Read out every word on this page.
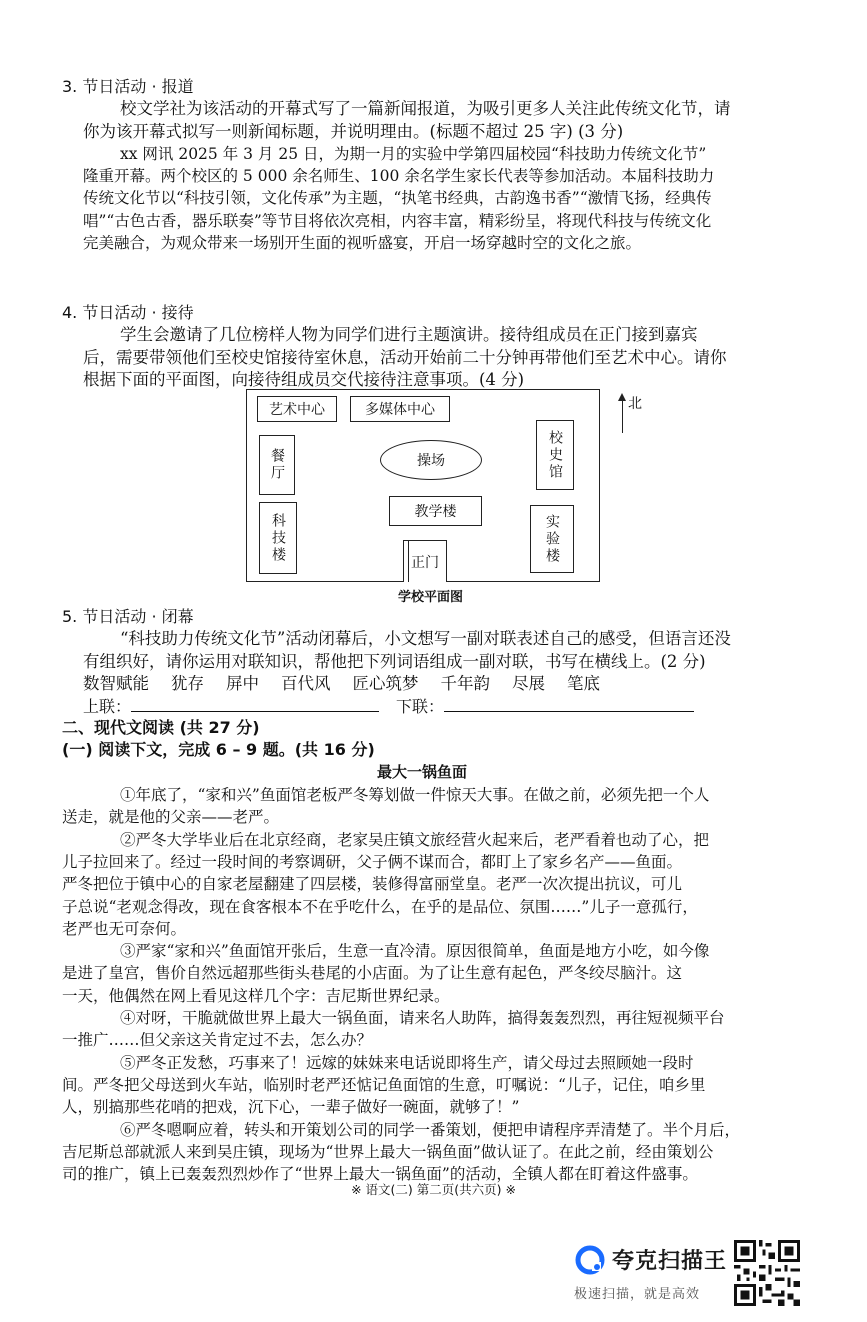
3. 节日活动 · 报道
校文学社为该活动的开幕式写了一篇新闻报道，为吸引更多人关注此传统文化节，请
你为该开幕式拟写一则新闻标题，并说明理由。(标题不超过 25 字) (3 分)
xx 网讯 2025 年 3 月 25 日，为期一月的实验中学第四届校园“科技助力传统文化节”
隆重开幕。两个校区的 5 000 余名师生、100 余名学生家长代表等参加活动。本届科技助力
传统文化节以“科技引领，文化传承”为主题，“执笔书经典，古韵逸书香”“激情飞扬，经典传
唱”“古色古香，器乐联奏”等节目将依次亮相，内容丰富，精彩纷呈，将现代科技与传统文化
完美融合，为观众带来一场别开生面的视听盛宴，开启一场穿越时空的文化之旅。
4. 节日活动 · 接待
学生会邀请了几位榜样人物为同学们进行主题演讲。接待组成员在正门接到嘉宾
后，需要带领他们至校史馆接待室休息，活动开始前二十分钟再带他们至艺术中心。请你
根据下面的平面图，向接待组成员交代接待注意事项。(4 分)
艺术中心	多媒体中心
餐厅	操场	校史馆
教学楼
科技楼	实验楼
正门
北
学校平面图
5. 节日活动 · 闭幕
“科技助力传统文化节”活动闭幕后，小文想写一副对联表述自己的感受，但语言还没
有组织好，请你运用对联知识，帮他把下列词语组成一副对联，书写在横线上。(2 分)
数智赋能 犹存 屏中 百代风 匠心筑梦 千年韵 尽展 笔底
上联：	下联：
二、现代文阅读 (共 27 分)
(一) 阅读下文，完成 6 – 9 题。(共 16 分)
最大一锅鱼面
①年底了，“家和兴”鱼面馆老板严冬筹划做一件惊天大事。在做之前，必须先把一个人
送走，就是他的父亲——老严。
②严冬大学毕业后在北京经商，老家吴庄镇文旅经营火起来后，老严看着也动了心，把
儿子拉回来了。经过一段时间的考察调研，父子俩不谋而合，都盯上了家乡名产——鱼面。
严冬把位于镇中心的自家老屋翻建了四层楼，装修得富丽堂皇。老严一次次提出抗议，可儿
子总说“老观念得改，现在食客根本不在乎吃什么，在乎的是品位、氛围……”儿子一意孤行，
老严也无可奈何。
③严家“家和兴”鱼面馆开张后，生意一直冷清。原因很简单，鱼面是地方小吃，如今像
是进了皇宫，售价自然远超那些街头巷尾的小店面。为了让生意有起色，严冬绞尽脑汁。这
一天，他偶然在网上看见这样几个字：吉尼斯世界纪录。
④对呀，干脆就做世界上最大一锅鱼面，请来名人助阵，搞得轰轰烈烈，再往短视频平台
一推广……但父亲这关肯定过不去，怎么办？
⑤严冬正发愁，巧事来了！远嫁的妹妹来电话说即将生产，请父母过去照顾她一段时
间。严冬把父母送到火车站，临别时老严还惦记鱼面馆的生意，叮嘱说：“儿子，记住，咱乡里
人，别搞那些花哨的把戏，沉下心，一辈子做好一碗面，就够了！”
⑥严冬嗯啊应着，转头和开策划公司的同学一番策划，便把申请程序弄清楚了。半个月后，
吉尼斯总部就派人来到吴庄镇，现场为“世界上最大一锅鱼面”做认证了。在此之前，经由策划公
司的推广，镇上已轰轰烈烈炒作了“世界上最大一锅鱼面”的活动，全镇人都在盯着这件盛事。
※ 语文(二) 第二页(共六页) ※
夸克扫描王
极速扫描，就是高效
